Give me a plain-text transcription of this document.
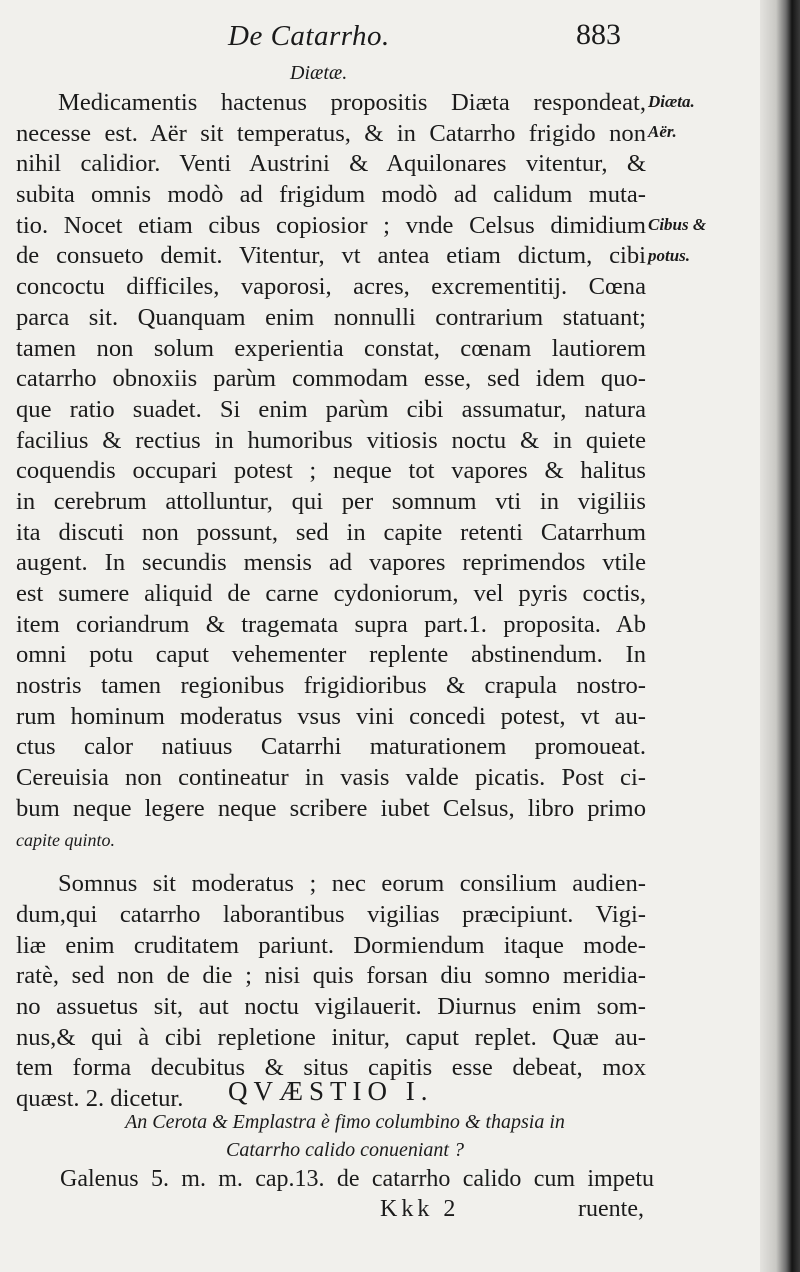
De Catarrho.	883
Diætæ.
Diæta.
Aër.
Cibus &
potus.
Medicamentis hactenus propositis Diæta respondeat,
necesse est. Aër sit temperatus, & in Catarrho frigido non
nihil calidior. Venti Austrini & Aquilonares vitentur, &
subita omnis modò ad frigidum modò ad calidum muta-
tio. Nocet etiam cibus copiosior ; vnde Celsus dimidium
de consueto demit. Vitentur, vt antea etiam dictum, cibi
concoctu difficiles, vaporosi, acres, excrementitij. Cœna
parca sit. Quanquam enim nonnulli contrarium statuant;
tamen non solum experientia constat, cœnam lautiorem
catarrho obnoxiis parùm commodam esse, sed idem quo-
que ratio suadet. Si enim parùm cibi assumatur, natura
facilius & rectius in humoribus vitiosis noctu & in quiete
coquendis occupari potest ; neque tot vapores & halitus
in cerebrum attolluntur, qui per somnum vti in vigiliis
ita discuti non possunt, sed in capite retenti Catarrhum
augent. In secundis mensis ad vapores reprimendos vtile
est sumere aliquid de carne cydoniorum, vel pyris coctis,
item coriandrum & tragemata supra part.1. proposita. Ab
omni potu caput vehementer replente abstinendum. In
nostris tamen regionibus frigidioribus & crapula nostro-
rum hominum moderatus vsus vini concedi potest, vt au-
ctus calor natiuus Catarrhi maturationem promoueat.
Cereuisia non contineatur in vasis valde picatis. Post ci-
bum neque legere neque scribere iubet Celsus, libro primo
capite quinto.
Somnus sit moderatus ; nec eorum consilium audien-
dum,qui catarrho laborantibus vigilias præcipiunt. Vigi-
liæ enim cruditatem pariunt. Dormiendum itaque mode-
ratè, sed non de die ; nisi quis forsan diu somno meridia-
no assuetus sit, aut noctu vigilauerit. Diurnus enim som-
nus,& qui à cibi repletione initur, caput replet. Quæ au-
tem forma decubitus & situs capitis esse debeat, mox
quæst. 2. dicetur.	QVÆSTIO I.
An Cerota & Emplastra è fimo columbino & thapsia in
Catarrho calido conueniant ?
Galenus 5. m. m. cap.13. de catarrho calido cum impetu
Kkk 2	ruente,
